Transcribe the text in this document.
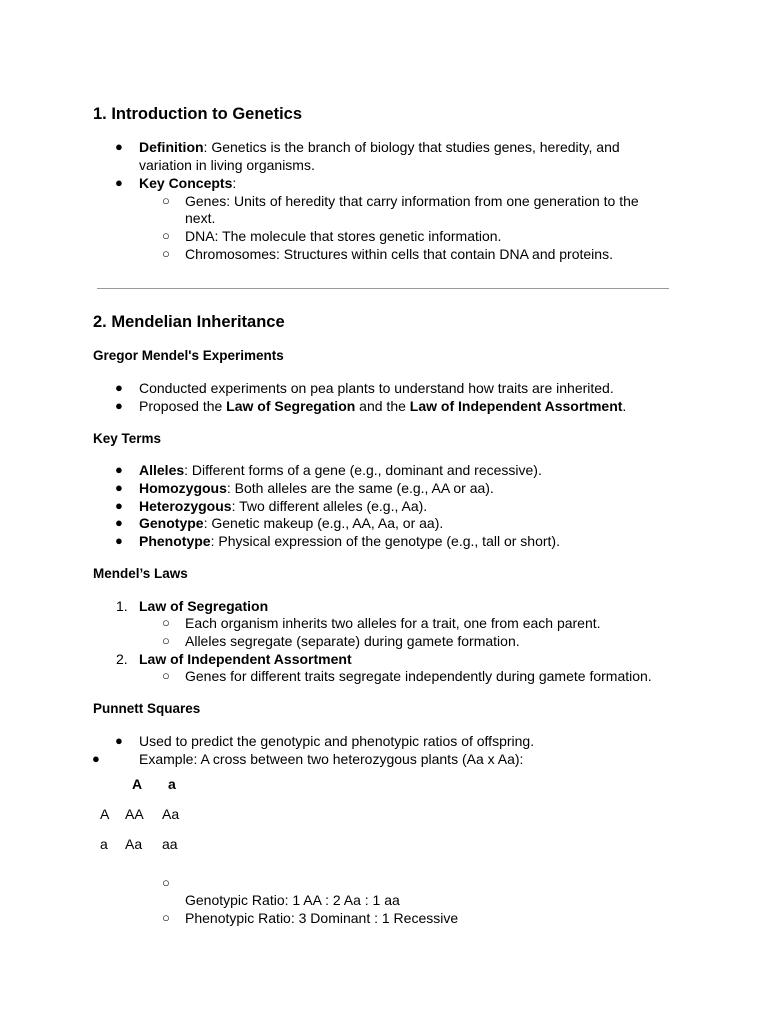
1. Introduction to Genetics
● Definition: Genetics is the branch of biology that studies genes, heredity, and
variation in living organisms.
● Key Concepts:
○ Genes: Units of heredity that carry information from one generation to the
next.
○ DNA: The molecule that stores genetic information.
○ Chromosomes: Structures within cells that contain DNA and proteins.
2. Mendelian Inheritance
Gregor Mendel's Experiments
● Conducted experiments on pea plants to understand how traits are inherited.
● Proposed the Law of Segregation and the Law of Independent Assortment.
Key Terms
● Alleles: Different forms of a gene (e.g., dominant and recessive).
● Homozygous: Both alleles are the same (e.g., AA or aa).
● Heterozygous: Two different alleles (e.g., Aa).
● Genotype: Genetic makeup (e.g., AA, Aa, or aa).
● Phenotype: Physical expression of the genotype (e.g., tall or short).
Mendel’s Laws
1. Law of Segregation
○ Each organism inherits two alleles for a trait, one from each parent.
○ Alleles segregate (separate) during gamete formation.
2. Law of Independent Assortment
○ Genes for different traits segregate independently during gamete formation.
Punnett Squares
● Used to predict the genotypic and phenotypic ratios of offspring.
●	Example: A cross between two heterozygous plants (Aa x Aa):
A a
A AA Aa
a Aa aa
○
Genotypic Ratio: 1 AA : 2 Aa : 1 aa
○ Phenotypic Ratio: 3 Dominant : 1 Recessive
